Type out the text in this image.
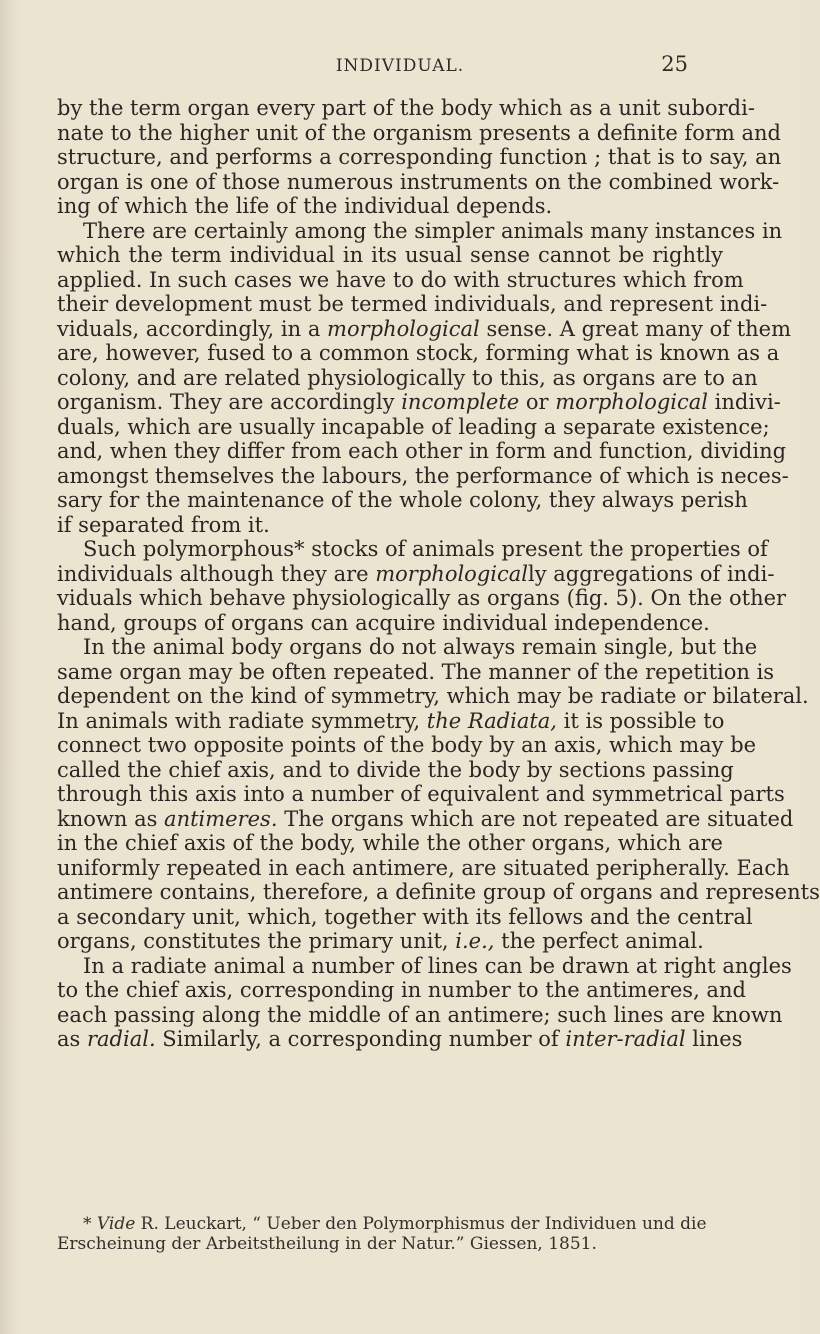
INDIVIDUAL.	25
by the term organ every part of the body which as a unit subordi-
nate to the higher unit of the organism presents a definite form and
structure, and performs a corresponding function ; that is to say, an
organ is one of those numerous instruments on the combined work-
ing of which the life of the individual depends.
There are certainly among the simpler animals many instances in
which the term individual in its usual sense cannot be rightly
applied. In such cases we have to do with structures which from
their development must be termed individuals, and represent indi-
viduals, accordingly, in a morphological sense. A great many of them
are, however, fused to a common stock, forming what is known as a
colony, and are related physiologically to this, as organs are to an
organism. They are accordingly incomplete or morphological indivi-
duals, which are usually incapable of leading a separate existence;
and, when they differ from each other in form and function, dividing
amongst themselves the labours, the performance of which is neces-
sary for the maintenance of the whole colony, they always perish
if separated from it.
Such polymorphous* stocks of animals present the properties of
individuals although they are morphologically aggregations of indi-
viduals which behave physiologically as organs (fig. 5). On the other
hand, groups of organs can acquire individual independence.
In the animal body organs do not always remain single, but the
same organ may be often repeated. The manner of the repetition is
dependent on the kind of symmetry, which may be radiate or bilateral.
In animals with radiate symmetry, the Radiata, it is possible to
connect two opposite points of the body by an axis, which may be
called the chief axis, and to divide the body by sections passing
through this axis into a number of equivalent and symmetrical parts
known as antimeres. The organs which are not repeated are situated
in the chief axis of the body, while the other organs, which are
uniformly repeated in each antimere, are situated peripherally. Each
antimere contains, therefore, a definite group of organs and represents
a secondary unit, which, together with its fellows and the central
organs, constitutes the primary unit, i.e., the perfect animal.
In a radiate animal a number of lines can be drawn at right angles
to the chief axis, corresponding in number to the antimeres, and
each passing along the middle of an antimere; such lines are known
as radial. Similarly, a corresponding number of inter-radial lines
* Vide R. Leuckart, “ Ueber den Polymorphismus der Individuen und die
Erscheinung der Arbeitstheilung in der Natur.” Giessen, 1851.
